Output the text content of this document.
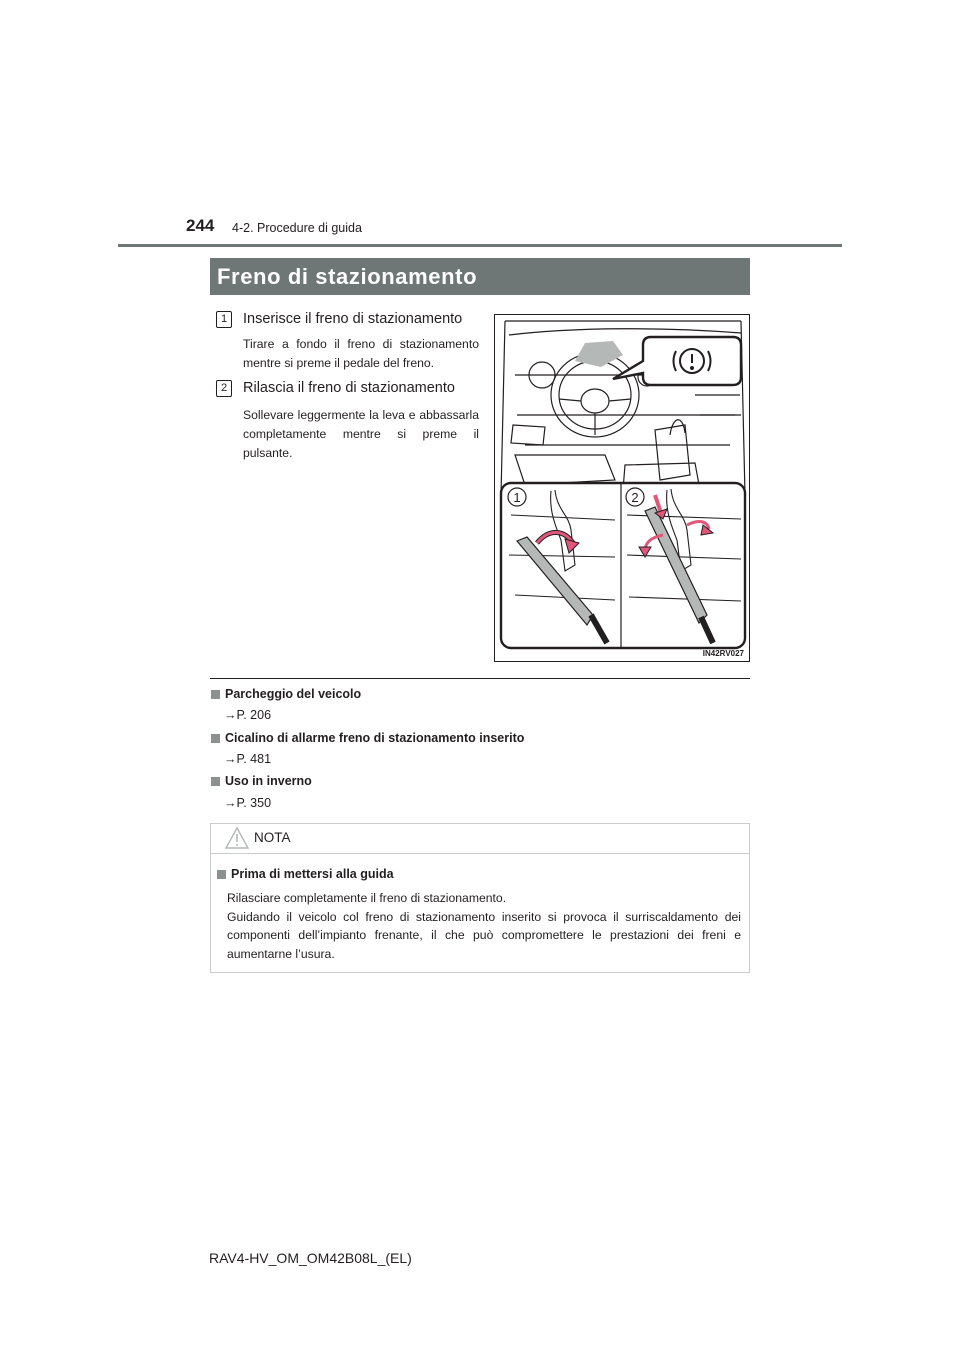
244 4-2. Procedure di guida
Freno di stazionamento
1	Inserisce il freno di stazionamento
Tirare a fondo il freno di stazionamento mentre si preme il pedale del freno.
2	Rilascia il freno di stazionamento
Sollevare leggermente la leva e abbassarla completamente mentre si preme il pulsante.
1	2
IN42RV027
Parcheggio del veicolo
→P. 206
Cicalino di allarme freno di stazionamento inserito
→P. 481
Uso in inverno
→P. 350
NOTA
Prima di mettersi alla guida
Rilasciare completamente il freno di stazionamento.
Guidando il veicolo col freno di stazionamento inserito si provoca il surriscaldamento dei componenti dell’impianto frenante, il che può compromettere le prestazioni dei freni e aumentarne l’usura.
RAV4-HV_OM_OM42B08L_(EL)
